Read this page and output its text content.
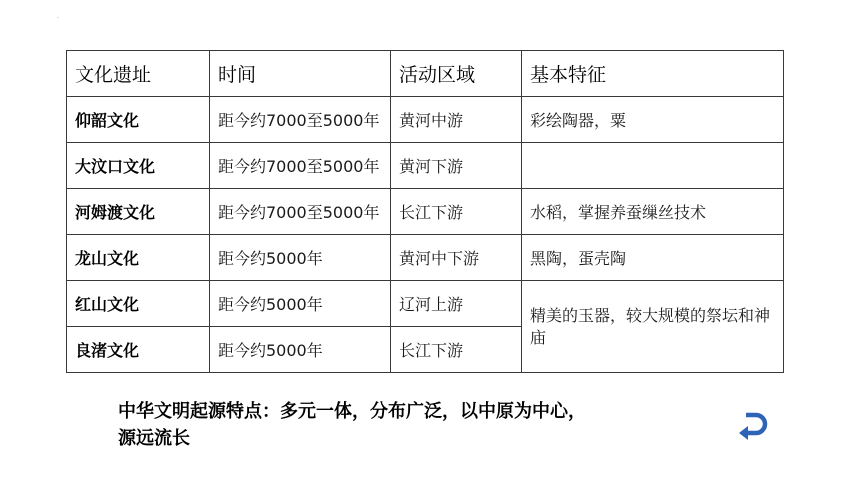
.
文化遗址	时间	活动区域	基本特征
仰韶文化	距今约7000至5000年	黄河中游	彩绘陶器，粟
大汶口文化	距今约7000至5000年	黄河下游	
河姆渡文化	距今约7000至5000年	长江下游	水稻，掌握养蚕缫丝技术
龙山文化	距今约5000年	黄河中下游	黑陶，蛋壳陶
红山文化	距今约5000年	辽河上游	精美的玉器，较大规模的祭坛和神庙
良渚文化	距今约5000年	长江下游	
中华文明起源特点：多元一体，分布广泛，以中原为中心，
源远流长
